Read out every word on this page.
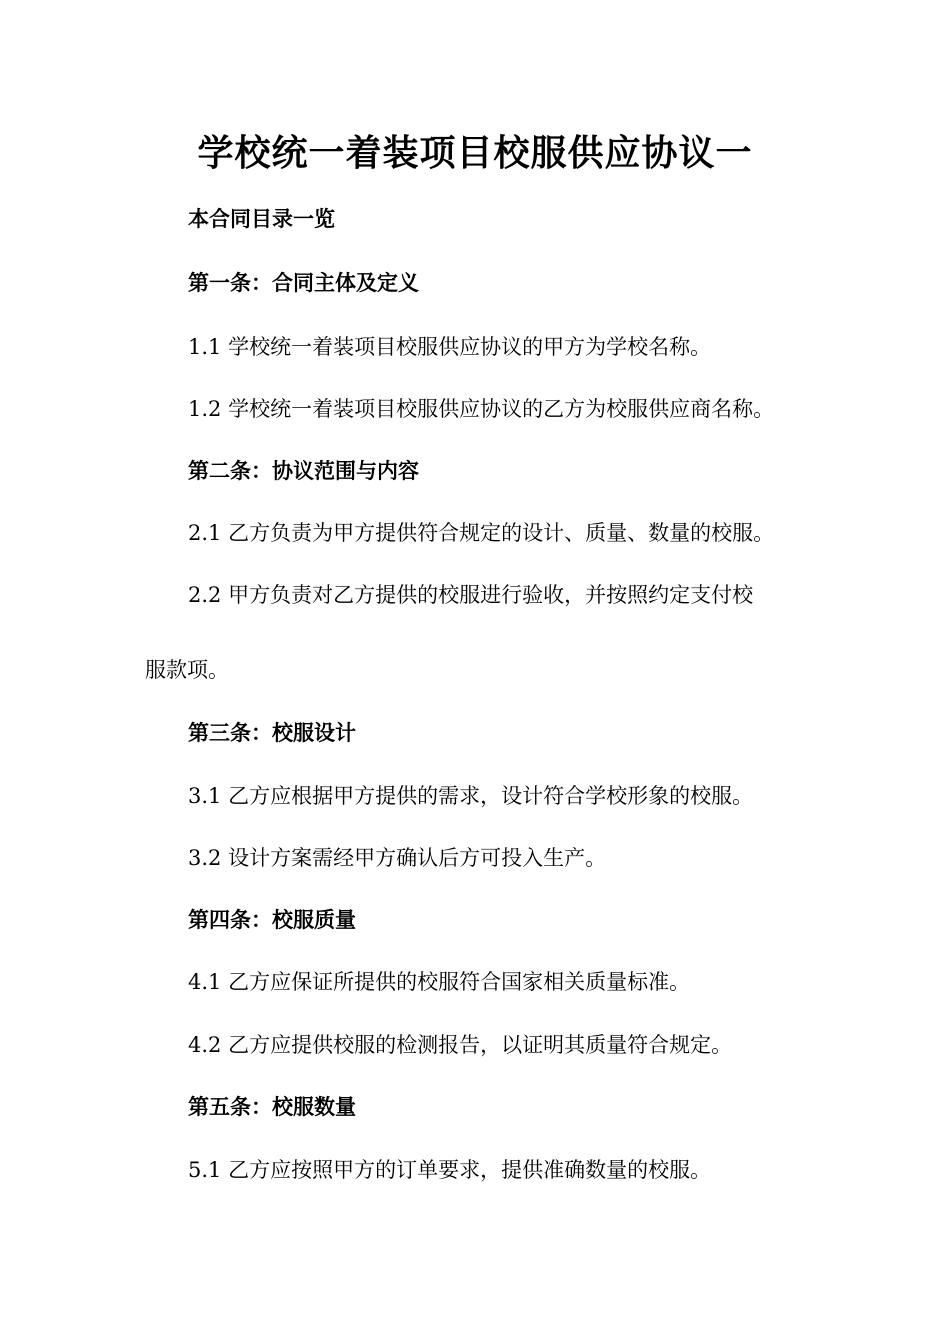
学校统一着装项目校服供应协议一

本合同目录一览

第一条：合同主体及定义

1.1 学校统一着装项目校服供应协议的甲方为学校名称。

1.2 学校统一着装项目校服供应协议的乙方为校服供应商名称。

第二条：协议范围与内容

2.1 乙方负责为甲方提供符合规定的设计、质量、数量的校服。

2.2 甲方负责对乙方提供的校服进行验收，并按照约定支付校

服款项。

第三条：校服设计

3.1 乙方应根据甲方提供的需求，设计符合学校形象的校服。

3.2 设计方案需经甲方确认后方可投入生产。

第四条：校服质量

4.1 乙方应保证所提供的校服符合国家相关质量标准。

4.2 乙方应提供校服的检测报告，以证明其质量符合规定。

第五条：校服数量

5.1 乙方应按照甲方的订单要求，提供准确数量的校服。
